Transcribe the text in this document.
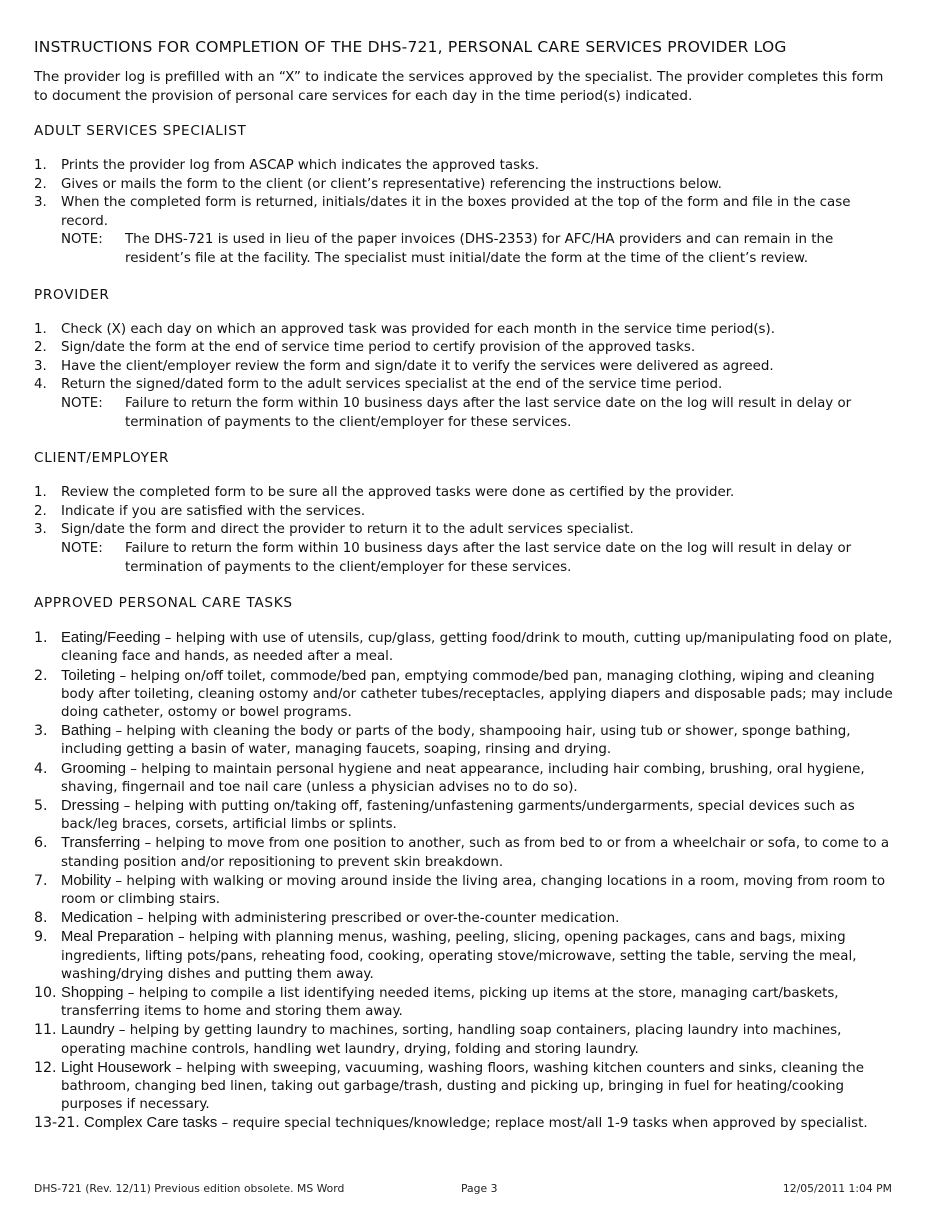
INSTRUCTIONS FOR COMPLETION OF THE DHS-721, PERSONAL CARE SERVICES PROVIDER LOG

The provider log is prefilled with an “X” to indicate the services approved by the specialist. The provider completes this form to document the provision of personal care services for each day in the time period(s) indicated.

ADULT SERVICES SPECIALIST
1. Prints the provider log from ASCAP which indicates the approved tasks.
2. Gives or mails the form to the client (or client’s representative) referencing the instructions below.
3. When the completed form is returned, initials/dates it in the boxes provided at the top of the form and file in the case record.
NOTE: The DHS-721 is used in lieu of the paper invoices (DHS-2353) for AFC/HA providers and can remain in the resident’s file at the facility. The specialist must initial/date the form at the time of the client’s review.
PROVIDER
1. Check (X) each day on which an approved task was provided for each month in the service time period(s).
2. Sign/date the form at the end of service time period to certify provision of the approved tasks.
3. Have the client/employer review the form and sign/date it to verify the services were delivered as agreed.
4. Return the signed/dated form to the adult services specialist at the end of the service time period.
NOTE: Failure to return the form within 10 business days after the last service date on the log will result in delay or termination of payments to the client/employer for these services.
CLIENT/EMPLOYER
1. Review the completed form to be sure all the approved tasks were done as certified by the provider.
2. Indicate if you are satisfied with the services.
3. Sign/date the form and direct the provider to return it to the adult services specialist.
NOTE: Failure to return the form within 10 business days after the last service date on the log will result in delay or termination of payments to the client/employer for these services.
APPROVED PERSONAL CARE TASKS
1. Eating/Feeding – helping with use of utensils, cup/glass, getting food/drink to mouth, cutting up/manipulating food on plate, cleaning face and hands, as needed after a meal.
2. Toileting – helping on/off toilet, commode/bed pan, emptying commode/bed pan, managing clothing, wiping and cleaning body after toileting, cleaning ostomy and/or catheter tubes/receptacles, applying diapers and disposable pads; may include doing catheter, ostomy or bowel programs.
3. Bathing – helping with cleaning the body or parts of the body, shampooing hair, using tub or shower, sponge bathing, including getting a basin of water, managing faucets, soaping, rinsing and drying.
4. Grooming – helping to maintain personal hygiene and neat appearance, including hair combing, brushing, oral hygiene, shaving, fingernail and toe nail care (unless a physician advises no to do so).
5. Dressing – helping with putting on/taking off, fastening/unfastening garments/undergarments, special devices such as back/leg braces, corsets, artificial limbs or splints.
6. Transferring – helping to move from one position to another, such as from bed to or from a wheelchair or sofa, to come to a standing position and/or repositioning to prevent skin breakdown.
7. Mobility – helping with walking or moving around inside the living area, changing locations in a room, moving from room to room or climbing stairs.
8. Medication – helping with administering prescribed or over-the-counter medication.
9. Meal Preparation – helping with planning menus, washing, peeling, slicing, opening packages, cans and bags, mixing ingredients, lifting pots/pans, reheating food, cooking, operating stove/microwave, setting the table, serving the meal, washing/drying dishes and putting them away.
10. Shopping – helping to compile a list identifying needed items, picking up items at the store, managing cart/baskets, transferring items to home and storing them away.
11. Laundry – helping by getting laundry to machines, sorting, handling soap containers, placing laundry into machines, operating machine controls, handling wet laundry, drying, folding and storing laundry.
12. Light Housework – helping with sweeping, vacuuming, washing floors, washing kitchen counters and sinks, cleaning the bathroom, changing bed linen, taking out garbage/trash, dusting and picking up, bringing in fuel for heating/cooking purposes if necessary.
13-21. Complex Care tasks – require special techniques/knowledge; replace most/all 1-9 tasks when approved by specialist.
DHS-721 (Rev. 12/11) Previous edition obsolete. MS Word	Page 3	12/05/2011 1:04 PM
